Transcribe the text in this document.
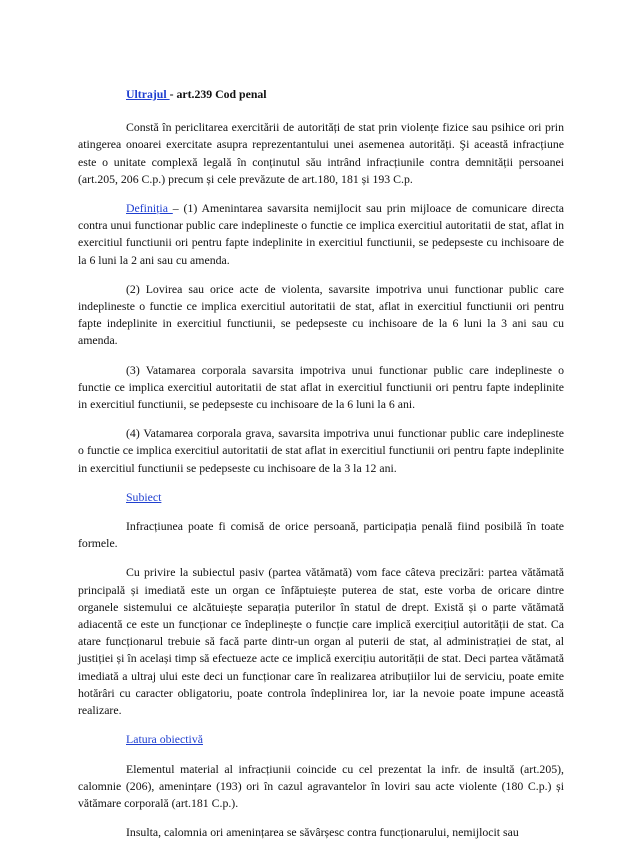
Ultrajul - art.239 Cod penal

Constă în periclitarea exercitării de autorități de stat prin violențe fizice sau psihice ori prin atingerea onoarei exercitate asupra reprezentantului unei asemenea autorități. Şi această infracțiune este o unitate complexă legală în conținutul său intrând infracțiunile contra demnității persoanei (art.205, 206 C.p.) precum și cele prevăzute de art.180, 181 și 193 C.p.

Definiția – (1) Amenintarea savarsita nemijlocit sau prin mijloace de comunicare directa contra unui functionar public care indeplineste o functie ce implica exercitiul autoritatii de stat, aflat in exercitiul functiunii ori pentru fapte indeplinite in exercitiul functiunii, se pedepseste cu inchisoare de la 6 luni la 2 ani sau cu amenda.

(2) Lovirea sau orice acte de violenta, savarsite impotriva unui functionar public care indeplineste o functie ce implica exercitiul autoritatii de stat, aflat in exercitiul functiunii ori pentru fapte indeplinite in exercitiul functiunii, se pedepseste cu inchisoare de la 6 luni la 3 ani sau cu amenda.

(3) Vatamarea corporala savarsita impotriva unui functionar public care indeplineste o functie ce implica exercitiul autoritatii de stat aflat in exercitiul functiunii ori pentru fapte indeplinite in exercitiul functiunii, se pedepseste cu inchisoare de la 6 luni la 6 ani.

(4) Vatamarea corporala grava, savarsita impotriva unui functionar public care indeplineste o functie ce implica exercitiul autoritatii de stat aflat in exercitiul functiunii ori pentru fapte indeplinite in exercitiul functiunii se pedepseste cu inchisoare de la 3 la 12 ani.

Subiect

Infracțiunea poate fi comisă de orice persoană, participația penală fiind posibilă în toate formele.

Cu privire la subiectul pasiv (partea vătămată) vom face câteva precizări: partea vătămată principală și imediată este un organ ce înfăptuiește puterea de stat, este vorba de oricare dintre organele sistemului ce alcătuiește separația puterilor în statul de drept. Există și o parte vătămată adiacentă ce este un funcționar ce îndeplinește o funcție care implică exercițiul autorității de stat. Ca atare funcționarul trebuie să facă parte dintr-un organ al puterii de stat, al administrației de stat, al justiției și în același timp să efectueze acte ce implică exercițiu autorității de stat. Deci partea vătămată imediată a ultraj ului este deci un funcționar care în realizarea atribuțiilor lui de serviciu, poate emite hotărâri cu caracter obligatoriu, poate controla îndeplinirea lor, iar la nevoie poate impune această realizare.

Latura obiectivă

Elementul material al infracțiunii coincide cu cel prezentat la infr. de insultă (art.205), calomnie (206), amenințare (193) ori în cazul agravantelor în loviri sau acte violente (180 C.p.) și vătămare corporală (art.181 C.p.).

Insulta, calomnia ori amenințarea se săvârșesc contra funcționarului, nemijlocit sau
